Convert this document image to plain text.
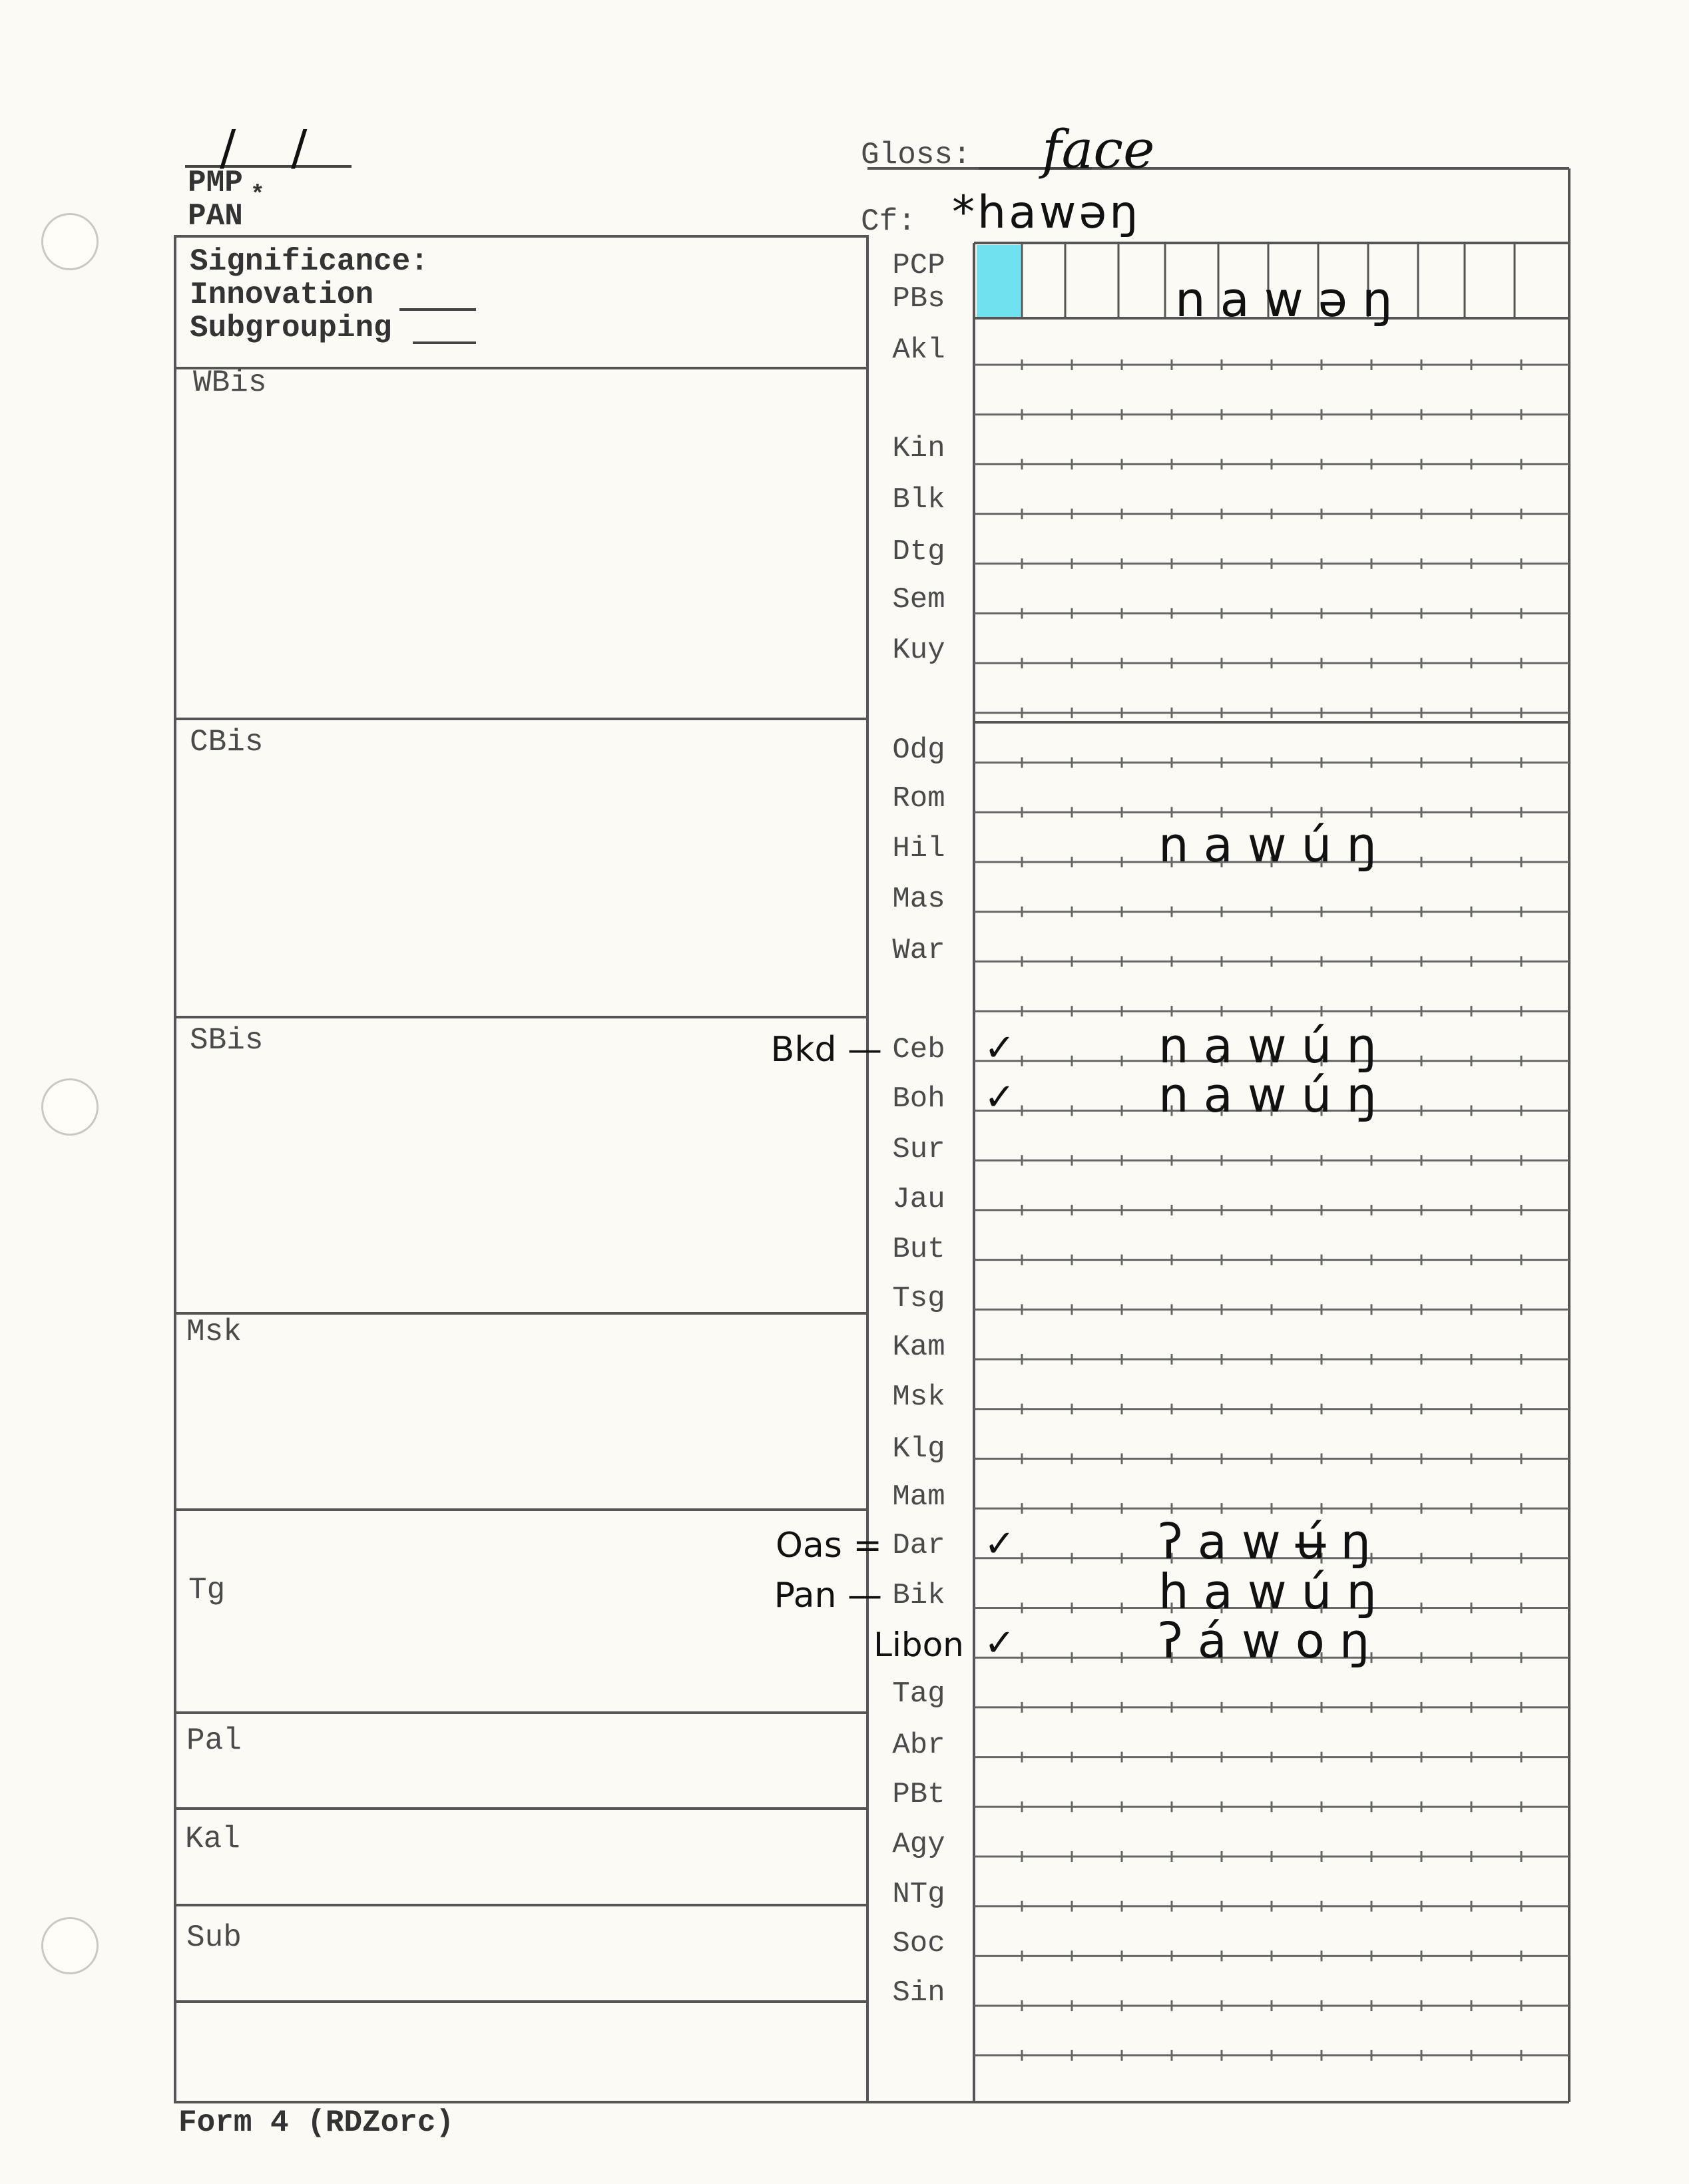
/ /
PMP *
PAN
Gloss: face
Cf: *hawəŋ
Significance:
Innovation
Subgrouping
WBis
CBis
SBis
Msk
Tg
Pal
Kal
Sub
PCP
PBs	nawəŋ
Akl
Kin
Blk
Dtg
Sem
Kuy
Odg
Rom
Hil	nawúŋ
Mas
War
Ceb	✓	nawúŋ
Bkd —
Boh	✓	nawúŋ
Sur
Jau
But
Tsg
Kam
Msk
Klg
Mam
Dar	✓	ʔawʉ́ŋ
Oas =
Bik	hawúŋ
Pan —
Libon ✓	ʔáwoŋ
Tag
Abr
PBt
Agy
NTg
Soc
Sin
Form 4 (RDZorc)
